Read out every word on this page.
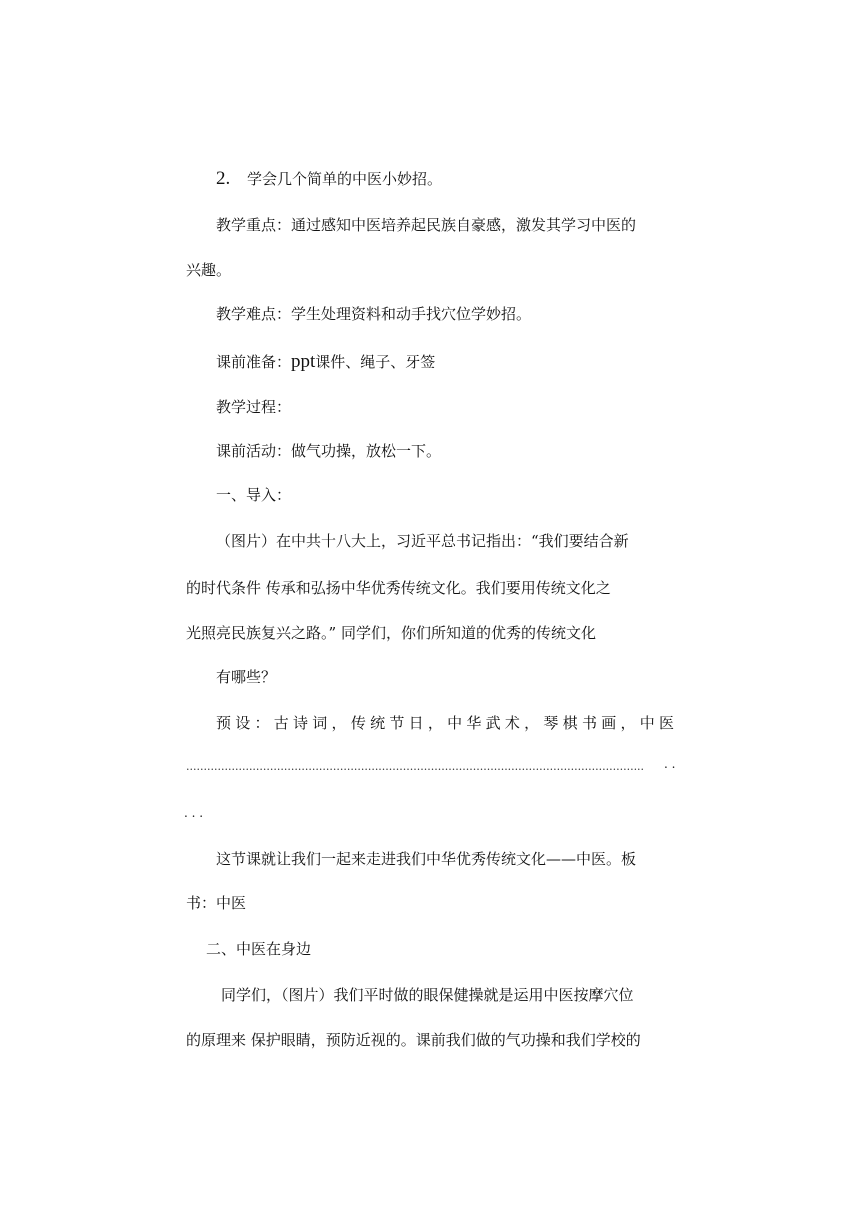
2. 学会几个简单的中医小妙招。
教学重点：通过感知中医培养起民族自豪感，激发其学习中医的
兴趣。
教学难点：学生处理资料和动手找穴位学妙招。
课前准备：ppt课件、绳子、牙签
教学过程：
课前活动：做气功操，放松一下。
一、导入：
（图片）在中共十八大上，习近平总书记指出：“我们要结合新
的时代条件 传承和弘扬中华优秀传统文化。我们要用传统文化之
光照亮民族复兴之路。” 同学们，你们所知道的优秀的传统文化
有哪些？
预设：古诗词，传统节日，中华武术，琴棋书画，中医
...................................................................................................................................	. .
. . .
这节课就让我们一起来走进我们中华优秀传统文化——中医。板
书：中医
二、中医在身边
同学们，（图片）我们平时做的眼保健操就是运用中医按摩穴位
的原理来 保护眼睛，预防近视的。课前我们做的气功操和我们学校的
